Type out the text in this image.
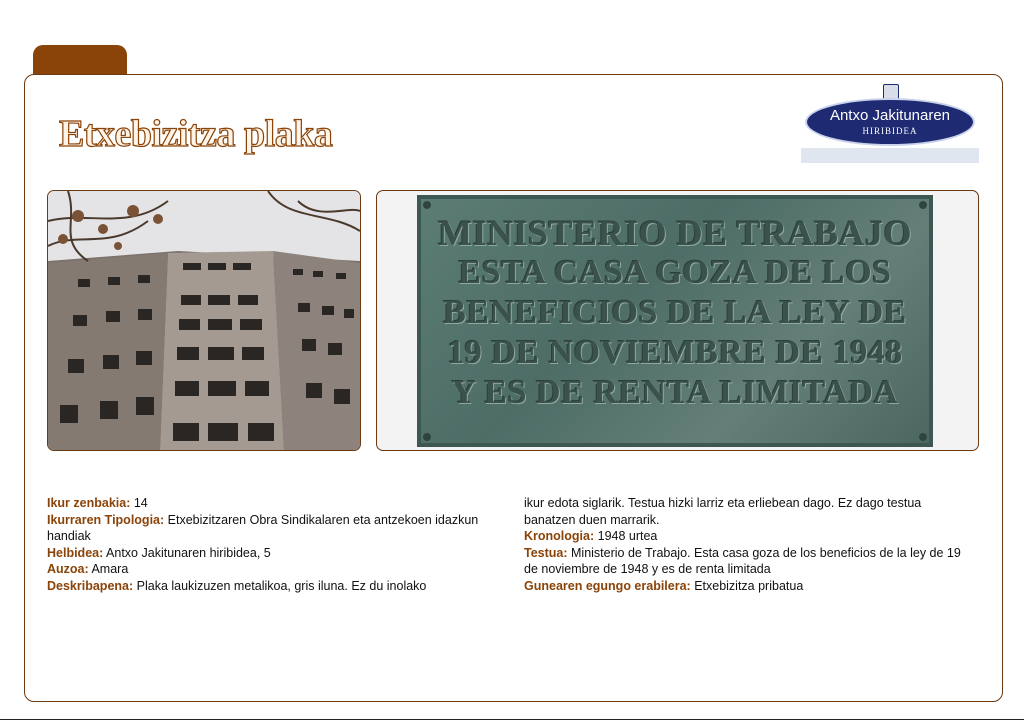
Etxebizitza plaka	Antxo Jakitunaren
HIRIBIDEA
MINISTERIO DE TRABAJO
ESTA CASA GOZA DE LOS
BENEFICIOS DE LA LEY DE
19 DE NOVIEMBRE DE 1948
Y ES DE RENTA LIMITADA
Ikur zenbakia: 14
Ikurraren Tipologia: Etxebizitzaren Obra Sindikalaren eta antzekoen idazkun handiak
Helbidea: Antxo Jakitunaren hiribidea, 5
Auzoa: Amara
Deskribapena: Plaka laukizuzen metalikoa, gris iluna. Ez du inolako
ikur edota siglarik. Testua hizki larriz eta erliebean dago. Ez dago testua banatzen duen marrarik.
Kronologia: 1948 urtea
Testua: Ministerio de Trabajo. Esta casa goza de los beneficios de la ley de 19 de noviembre de 1948 y es de renta limitada
Gunearen egungo erabilera: Etxebizitza pribatua
